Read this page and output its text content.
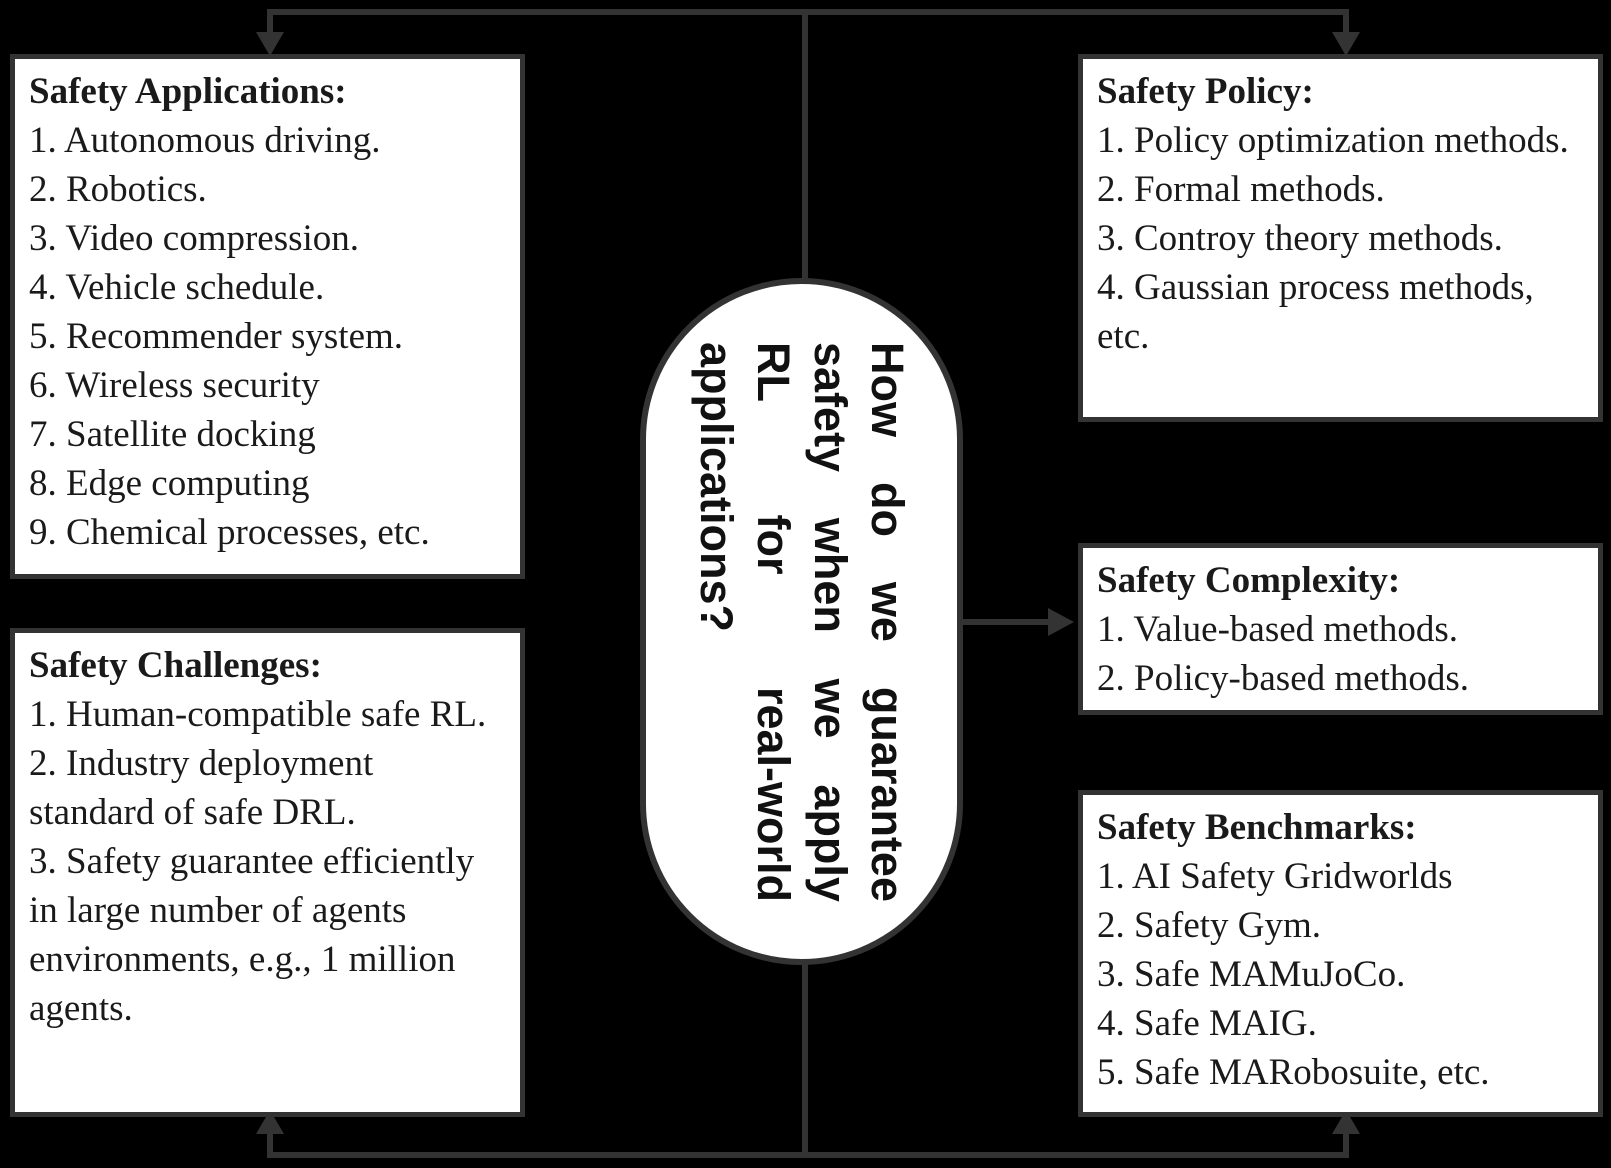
Safety Applications:
1. Autonomous driving.
2. Robotics.
3. Video compression.
4. Vehicle schedule.
5. Recommender system.
6. Wireless security
7. Satellite docking
8. Edge computing
9. Chemical processes, etc.
Safety Challenges:
1. Human-compatible safe RL.
2. Industry deployment standard of safe DRL.
3. Safety guarantee efficiently in large number of agents environments, e.g., 1 million agents.
Safety Policy:
1. Policy optimization methods.
2. Formal methods.
3. Controy theory methods.
4. Gaussian process methods, etc.
Safety Complexity:
1. Value-based methods.
2. Policy-based methods.
Safety Benchmarks:
1. AI Safety Gridworlds
2. Safety Gym.
3. Safe MAMuJoCo.
4. Safe MAIG.
5. Safe MARobosuite, etc.
How
do
we
guarantee
safety
when
we
apply
RL
for
real-world
applications?
